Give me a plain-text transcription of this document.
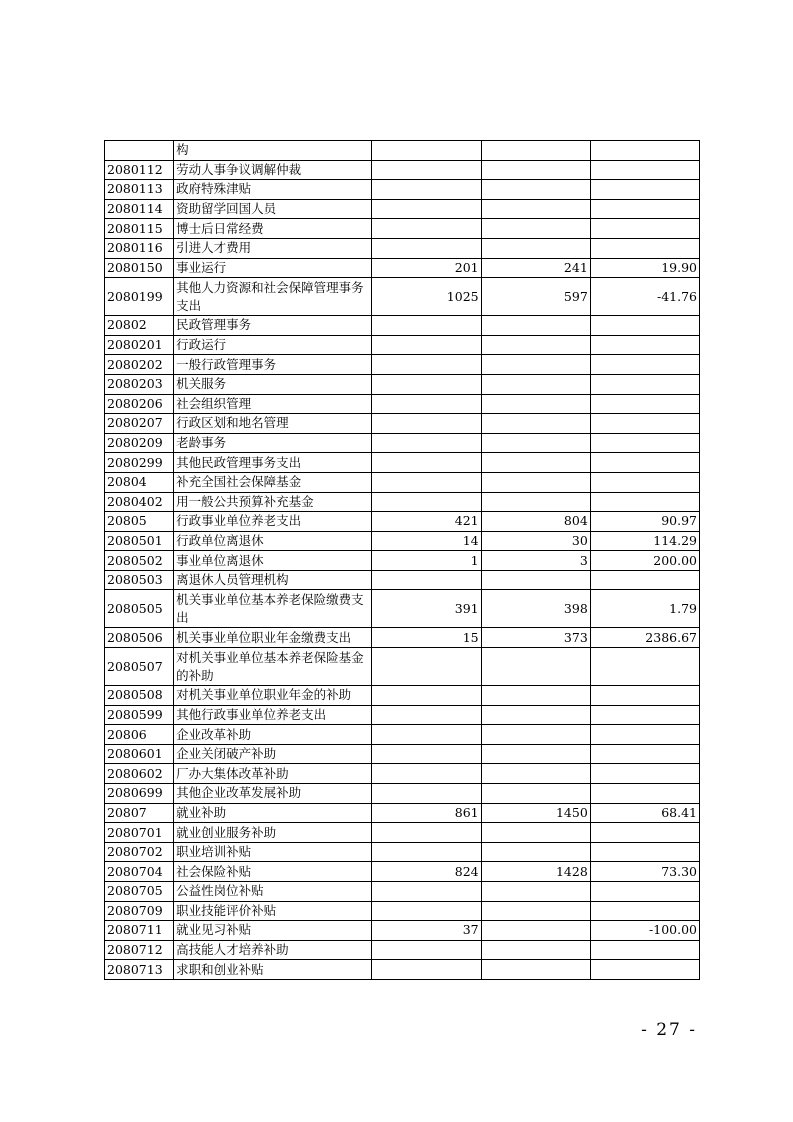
	构			
2080112	劳动人事争议调解仲裁			
2080113	政府特殊津贴			
2080114	资助留学回国人员			
2080115	博士后日常经费			
2080116	引进人才费用			
2080150	事业运行	201	241	19.90
2080199	其他人力资源和社会保障管理事务支出	1025	597	-41.76
20802	民政管理事务			
2080201	行政运行			
2080202	一般行政管理事务			
2080203	机关服务			
2080206	社会组织管理			
2080207	行政区划和地名管理			
2080209	老龄事务			
2080299	其他民政管理事务支出			
20804	补充全国社会保障基金			
2080402	用一般公共预算补充基金			
20805	行政事业单位养老支出	421	804	90.97
2080501	行政单位离退休	14	30	114.29
2080502	事业单位离退休	1	3	200.00
2080503	离退休人员管理机构			
2080505	机关事业单位基本养老保险缴费支出	391	398	1.79
2080506	机关事业单位职业年金缴费支出	15	373	2386.67
2080507	对机关事业单位基本养老保险基金的补助			
2080508	对机关事业单位职业年金的补助			
2080599	其他行政事业单位养老支出			
20806	企业改革补助			
2080601	企业关闭破产补助			
2080602	厂办大集体改革补助			
2080699	其他企业改革发展补助			
20807	就业补助	861	1450	68.41
2080701	就业创业服务补助			
2080702	职业培训补贴			
2080704	社会保险补贴	824	1428	73.30
2080705	公益性岗位补贴			
2080709	职业技能评价补贴			
2080711	就业见习补贴	37		-100.00
2080712	高技能人才培养补助			
2080713	求职和创业补贴			
- 27 -
